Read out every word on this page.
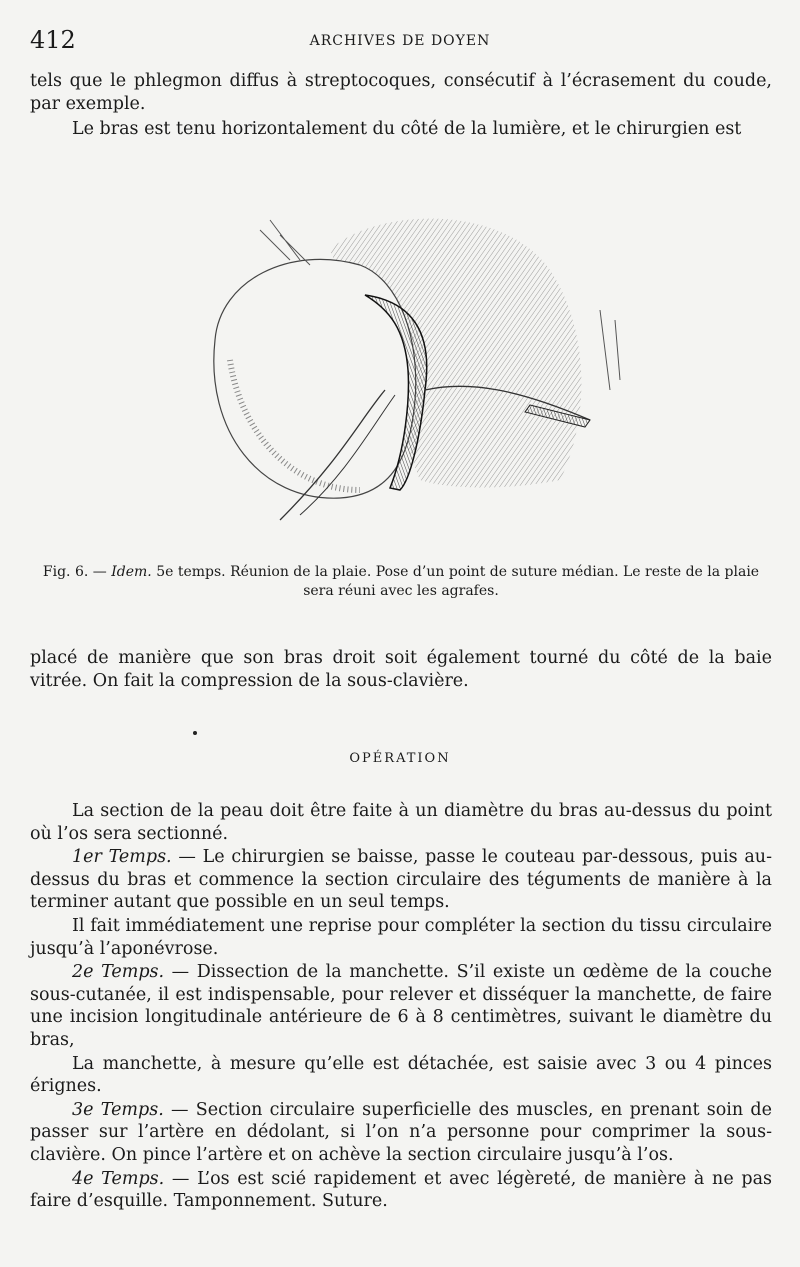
412	ARCHIVES DE DOYEN

tels que le phlegmon diffus à streptocoques, consécutif à l’écrasement du coude, par exemple.

Le bras est tenu horizontalement du côté de la lumière, et le chirurgien est

Fig. 6. — Idem. 5e temps. Réunion de la plaie. Pose d’un point de suture médian. Le reste de la plaie sera réuni avec les agrafes.

placé de manière que son bras droit soit également tourné du côté de la baie vitrée. On fait la compression de la sous-clavière.

OPÉRATION

La section de la peau doit être faite à un diamètre du bras au-dessus du point où l’os sera sectionné.

1er Temps. — Le chirurgien se baisse, passe le couteau par-dessous, puis au-dessus du bras et commence la section circulaire des téguments de manière à la terminer autant que possible en un seul temps.

Il fait immédiatement une reprise pour compléter la section du tissu circulaire jusqu’à l’aponévrose.

2e Temps. — Dissection de la manchette. S’il existe un œdème de la couche sous-cutanée, il est indispensable, pour relever et disséquer la manchette, de faire une incision longitudinale antérieure de 6 à 8 centimètres, suivant le diamètre du bras,

La manchette, à mesure qu’elle est détachée, est saisie avec 3 ou 4 pinces érignes.

3e Temps. — Section circulaire superficielle des muscles, en prenant soin de passer sur l’artère en dédolant, si l’on n’a personne pour comprimer la sous-clavière. On pince l’artère et on achève la section circulaire jusqu’à l’os.

4e Temps. — L’os est scié rapidement et avec légèreté, de manière à ne pas faire d’esquille. Tamponnement. Suture.
